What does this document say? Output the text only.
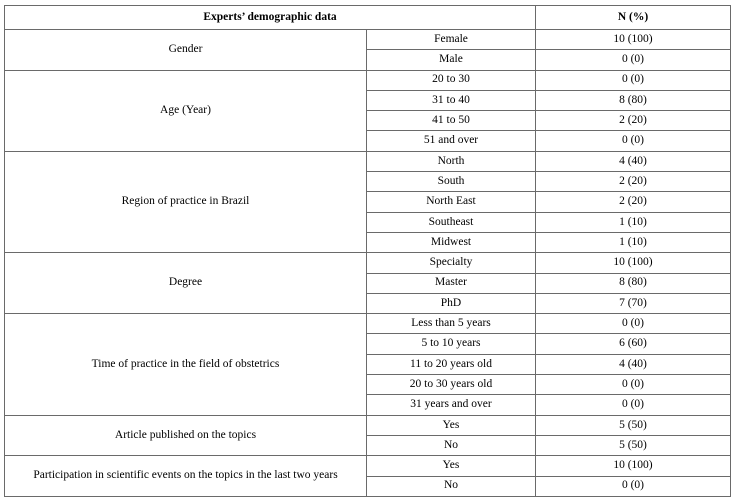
Experts’ demographic data		N (%)
Gender	Female	10 (100)
	Male	0 (0)
Age (Year)	20 to 30	0 (0)
	31 to 40	8 (80)
	41 to 50	2 (20)
	51 and over	0 (0)
Region of practice in Brazil	North	4 (40)
	South	2 (20)
	North East	2 (20)
	Southeast	1 (10)
	Midwest	1 (10)
Degree	Specialty	10 (100)
	Master	8 (80)
	PhD	7 (70)
Time of practice in the field of obstetrics	Less than 5 years	0 (0)
	5 to 10 years	6 (60)
	11 to 20 years old	4 (40)
	20 to 30 years old	0 (0)
	31 years and over	0 (0)
Article published on the topics	Yes	5 (50)
	No	5 (50)
Participation in scientific events on the topics in the last two years	Yes	10 (100)
	No	0 (0)
